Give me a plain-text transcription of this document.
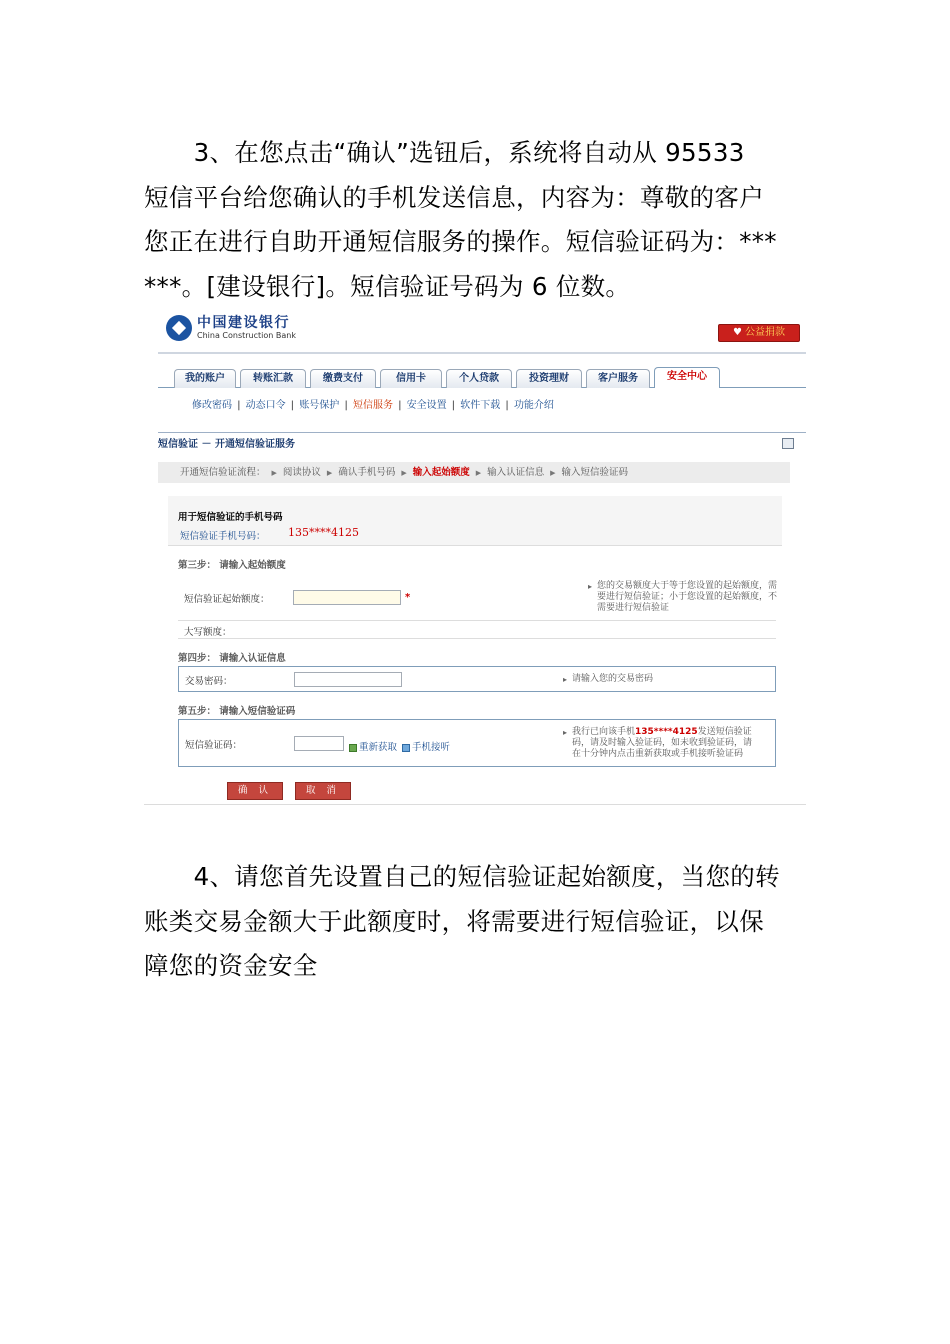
　　3、在您点击“确认”选钮后，系统将自动从 95533
短信平台给您确认的手机发送信息，内容为：尊敬的客户
您正在进行自助开通短信服务的操作。短信验证码为：***
***。[建设银行]。短信验证号码为 6 位数。
中国建设银行
China Construction Bank	♥ 公益捐款
我的账户	转账汇款	缴费支付	信用卡	个人贷款	投资理财	客户服务	安全中心
修改密码 | 动态口令 | 账号保护 | 短信服务 | 安全设置 | 软件下载 | 功能介绍
短信验证 － 开通短信验证服务
开通短信验证流程： ▶ 阅读协议 ▶ 确认手机号码 ▶ 输入起始额度 ▶ 输入认证信息 ▶ 输入短信验证码
用于短信验证的手机号码
短信验证手机号码： 135****4125
第三步： 请输入起始额度
短信验证起始额度：	*
▸ 您的交易额度大于等于您设置的起始额度，需
要进行短信验证；小于您设置的起始额度，不
需要进行短信验证
大写额度：
第四步： 请输入认证信息
交易密码：
▸	请输入您的交易密码
第五步： 请输入短信验证码
短信验证码：	重新获取	手机接听
▸ 我行已向该手机135****4125发送短信验证
码，请及时输入验证码，如未收到验证码，请
在十分钟内点击重新获取或手机接听验证码
确 认	取 消
　　4、请您首先设置自己的短信验证起始额度，当您的转
账类交易金额大于此额度时，将需要进行短信验证，以保
障您的资金安全
